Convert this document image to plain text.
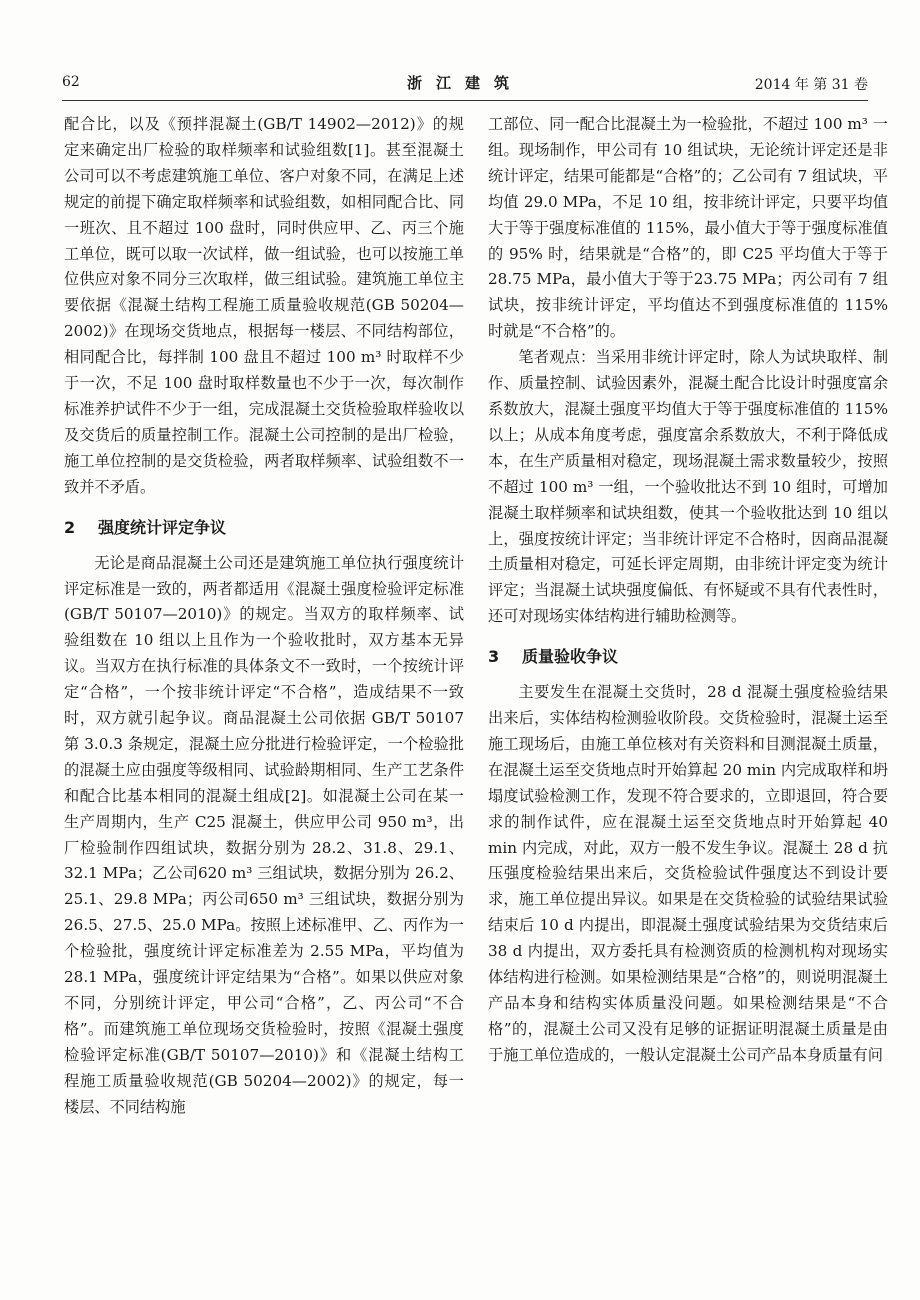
62	浙江建筑	2014 年 第 31 卷

配合比，以及《预拌混凝土(GB/T 14902—2012)》的规定来确定出厂检验的取样频率和试验组数[1]。甚至混凝土公司可以不考虑建筑施工单位、客户对象不同，在满足上述规定的前提下确定取样频率和试验组数，如相同配合比、同一班次、且不超过 100 盘时，同时供应甲、乙、丙三个施工单位，既可以取一次试样，做一组试验，也可以按施工单位供应对象不同分三次取样，做三组试验。建筑施工单位主要依据《混凝土结构工程施工质量验收规范(GB 50204—2002)》在现场交货地点，根据每一楼层、不同结构部位，相同配合比，每拌制 100 盘且不超过 100 m³ 时取样不少于一次，不足 100 盘时取样数量也不少于一次，每次制作标准养护试件不少于一组，完成混凝土交货检验取样验收以及交货后的质量控制工作。混凝土公司控制的是出厂检验，施工单位控制的是交货检验，两者取样频率、试验组数不一致并不矛盾。

2 强度统计评定争议

无论是商品混凝土公司还是建筑施工单位执行强度统计评定标准是一致的，两者都适用《混凝土强度检验评定标准(GB/T 50107—2010)》的规定。当双方的取样频率、试验组数在 10 组以上且作为一个验收批时，双方基本无异议。当双方在执行标准的具体条文不一致时，一个按统计评定“合格”，一个按非统计评定“不合格”，造成结果不一致时，双方就引起争议。商品混凝土公司依据 GB/T 50107 第 3.0.3 条规定，混凝土应分批进行检验评定，一个检验批的混凝土应由强度等级相同、试验龄期相同、生产工艺条件和配合比基本相同的混凝土组成[2]。如混凝土公司在某一生产周期内，生产 C25 混凝土，供应甲公司 950 m³，出厂检验制作四组试块，数据分别为 28.2、31.8、29.1、32.1 MPa；乙公司620 m³ 三组试块，数据分别为 26.2、25.1、29.8 MPa；丙公司650 m³ 三组试块，数据分别为 26.5、27.5、25.0 MPa。按照上述标准甲、乙、丙作为一个检验批，强度统计评定标准差为 2.55 MPa，平均值为 28.1 MPa，强度统计评定结果为“合格”。如果以供应对象不同，分别统计评定，甲公司“合格”，乙、丙公司“不合格”。而建筑施工单位现场交货检验时，按照《混凝土强度检验评定标准(GB/T 50107—2010)》和《混凝土结构工程施工质量验收规范(GB 50204—2002)》的规定，每一楼层、不同结构施

工部位、同一配合比混凝土为一检验批，不超过 100 m³ 一组。现场制作，甲公司有 10 组试块，无论统计评定还是非统计评定，结果可能都是“合格”的；乙公司有 7 组试块，平均值 29.0 MPa，不足 10 组，按非统计评定，只要平均值大于等于强度标准值的 115%，最小值大于等于强度标准值的 95% 时，结果就是“合格”的，即 C25 平均值大于等于 28.75 MPa，最小值大于等于23.75 MPa；丙公司有 7 组试块，按非统计评定，平均值达不到强度标准值的 115% 时就是“不合格”的。

笔者观点：当采用非统计评定时，除人为试块取样、制作、质量控制、试验因素外，混凝土配合比设计时强度富余系数放大，混凝土强度平均值大于等于强度标准值的 115% 以上；从成本角度考虑，强度富余系数放大，不利于降低成本，在生产质量相对稳定，现场混凝土需求数量较少，按照不超过 100 m³ 一组，一个验收批达不到 10 组时，可增加混凝土取样频率和试块组数，使其一个验收批达到 10 组以上，强度按统计评定；当非统计评定不合格时，因商品混凝土质量相对稳定，可延长评定周期，由非统计评定变为统计评定；当混凝土试块强度偏低、有怀疑或不具有代表性时，还可对现场实体结构进行辅助检测等。

3 质量验收争议

主要发生在混凝土交货时，28 d 混凝土强度检验结果出来后，实体结构检测验收阶段。交货检验时，混凝土运至施工现场后，由施工单位核对有关资料和目测混凝土质量，在混凝土运至交货地点时开始算起 20 min 内完成取样和坍塌度试验检测工作，发现不符合要求的，立即退回，符合要求的制作试件，应在混凝土运至交货地点时开始算起 40 min 内完成，对此，双方一般不发生争议。混凝土 28 d 抗压强度检验结果出来后，交货检验试件强度达不到设计要求，施工单位提出异议。如果是在交货检验的试验结果试验结束后 10 d 内提出，即混凝土强度试验结果为交货结束后 38 d 内提出，双方委托具有检测资质的检测机构对现场实体结构进行检测。如果检测结果是“合格”的，则说明混凝土产品本身和结构实体质量没问题。如果检测结果是“不合格”的，混凝土公司又没有足够的证据证明混凝土质量是由于施工单位造成的，一般认定混凝土公司产品本身质量有问
